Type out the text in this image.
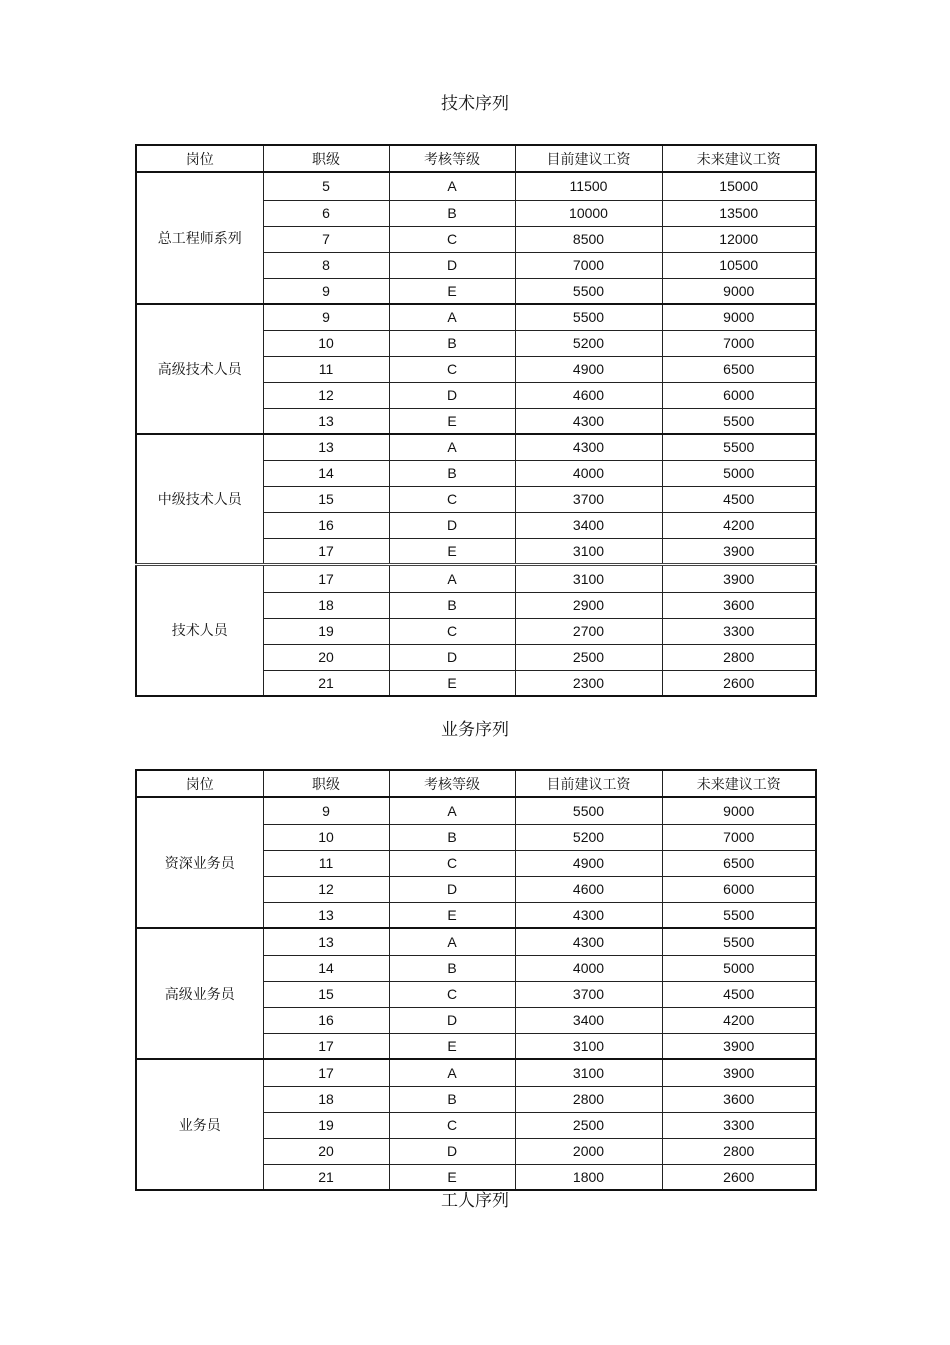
技术序列
岗位	职级	考核等级	目前建议工资	未来建议工资
总工程师系列	5	A	11500	15000
	6	B	10000	13500
	7	C	8500	12000
	8	D	7000	10500
	9	E	5500	9000
高级技术人员	9	A	5500	9000
	10	B	5200	7000
	11	C	4900	6500
	12	D	4600	6000
	13	E	4300	5500
中级技术人员	13	A	4300	5500
	14	B	4000	5000
	15	C	3700	4500
	16	D	3400	4200
	17	E	3100	3900
技术人员	17	A	3100	3900
	18	B	2900	3600
	19	C	2700	3300
	20	D	2500	2800
	21	E	2300	2600
业务序列
岗位	职级	考核等级	目前建议工资	未来建议工资
资深业务员	9	A	5500	9000
	10	B	5200	7000
	11	C	4900	6500
	12	D	4600	6000
	13	E	4300	5500
高级业务员	13	A	4300	5500
	14	B	4000	5000
	15	C	3700	4500
	16	D	3400	4200
	17	E	3100	3900
业务员	17	A	3100	3900
	18	B	2800	3600
	19	C	2500	3300
	20	D	2000	2800
	21	E	1800	2600
工人序列
